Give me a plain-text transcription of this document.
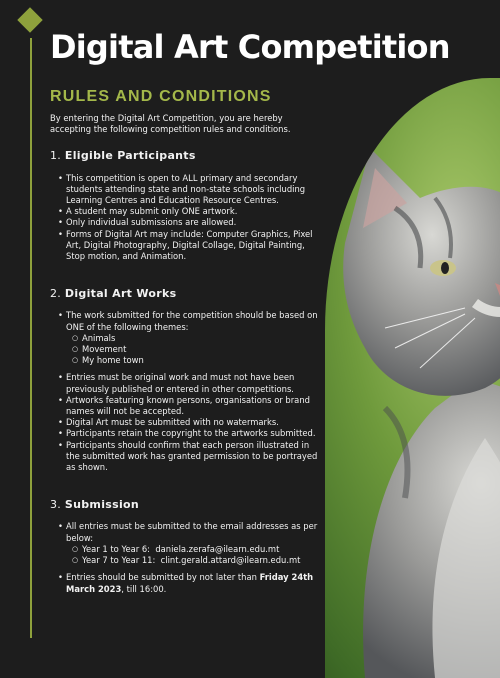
Digital Art Competition
RULES AND CONDITIONS

By entering the Digital Art Competition, you are hereby accepting the following competition rules and conditions.

1. Eligible Participants
• This competition is open to ALL primary and secondary students attending state and non-state schools including Learning Centres and Education Resource Centres.
• A student may submit only ONE artwork.
• Only individual submissions are allowed.
• Forms of Digital Art may include: Computer Graphics, Pixel Art, Digital Photography, Digital Collage, Digital Painting, Stop motion, and Animation.
2. Digital Art Works
• The work submitted for the competition should be based on ONE of the following themes:
○ Animals
○ Movement
○ My home town
• Entries must be original work and must not have been previously published or entered in other competitions.
• Artworks featuring known persons, organisations or brand names will not be accepted.
• Digital Art must be submitted with no watermarks.
• Participants retain the copyright to the artworks submitted.
• Participants should confirm that each person illustrated in the submitted work has granted permission to be portrayed as shown.
3. Submission
• All entries must be submitted to the email addresses as per below:
○ Year 1 to Year 6: daniela.zerafa@ilearn.edu.mt
○ Year 7 to Year 11: clint.gerald.attard@ilearn.edu.mt
• Entries should be submitted by not later than Friday 24th March 2023, till 16:00.
